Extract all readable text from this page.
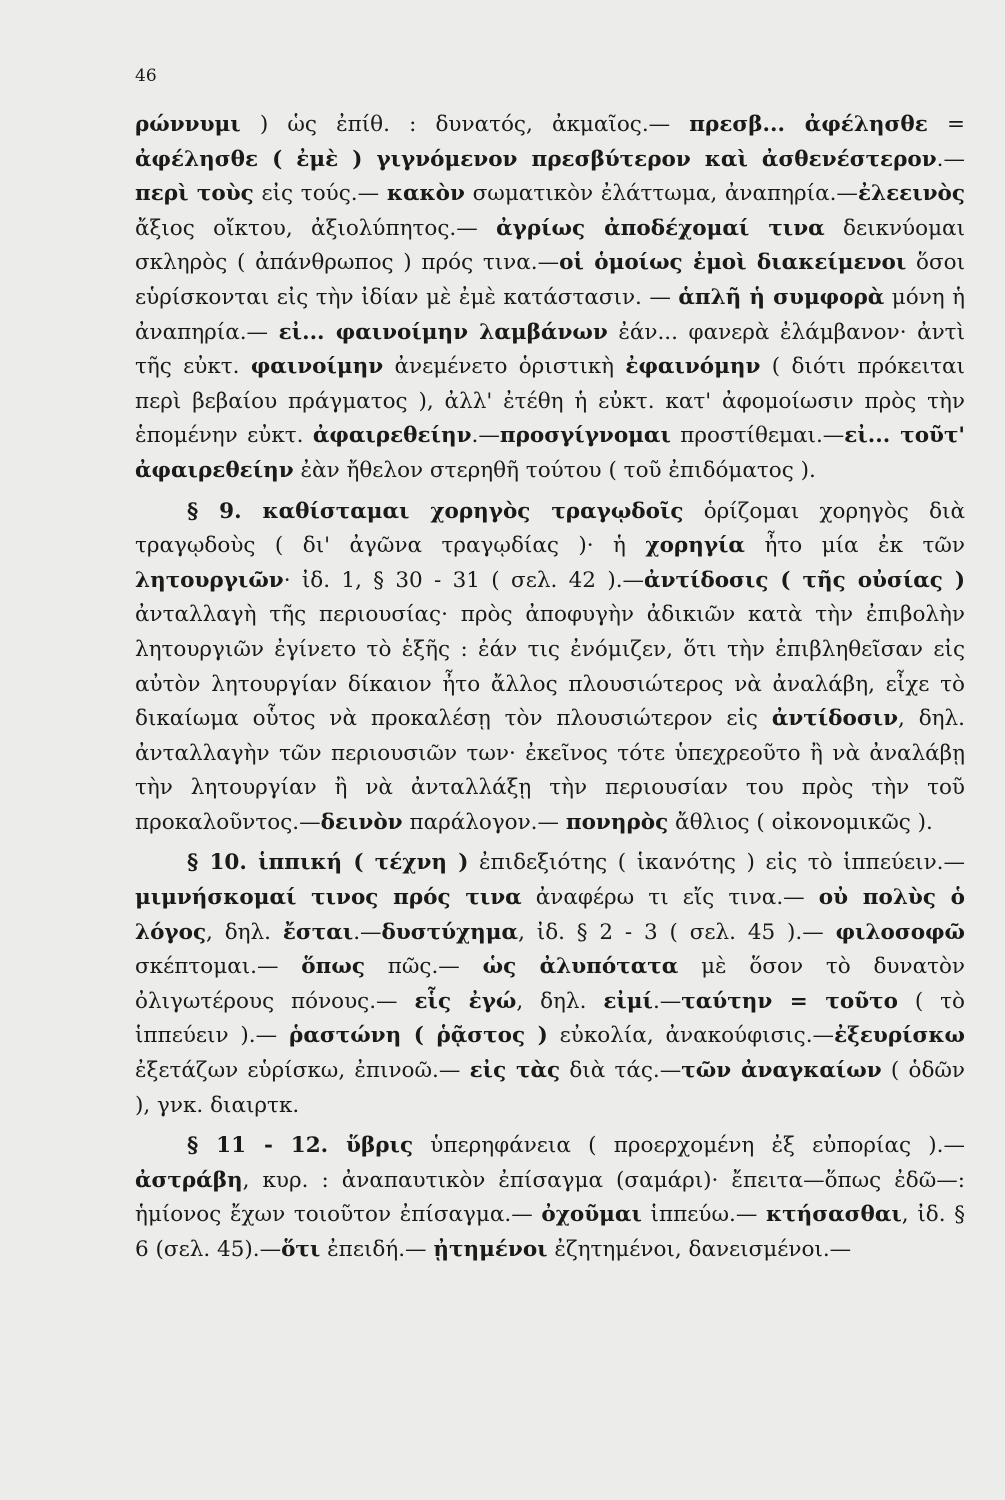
46

ρώννυμι ) ὡς ἐπίθ. : δυνατός, ἀκμαῖος.— πρεσβ... ἀφέλησθε = ἀφέλησθε ( ἐμὲ ) γιγνόμενον πρεσβύτερον καὶ ἀσθενέστερον.— περὶ τοὺς εἰς τούς.— κακὸν σωματικὸν ἐλάττωμα, ἀναπηρία.—ἐλεεινὸς ἄξιος οἴκτου, ἀξιολύπητος.— ἀγρίως ἀποδέχομαί τινα δεικνύομαι σκληρὸς ( ἀπάνθρωπος ) πρός τινα.—οἱ ὁμοίως ἐμοὶ διακείμενοι ὅσοι εὑρίσκονται εἰς τὴν ἰδίαν μὲ ἐμὲ κατάστασιν. — ἁπλῆ ἡ συμφορὰ μόνη ἡ ἀναπηρία.— εἰ... φαινοίμην λαμβάνων ἐάν... φανερὰ ἐλάμβανον· ἀντὶ τῆς εὐκτ. φαινοίμην ἀνεμένετο ὁριστικὴ ἐφαινόμην ( διότι πρόκειται περὶ βεβαίου πράγματος ), ἀλλ' ἐτέθη ἡ εὐκτ. κατ' ἀφομοίωσιν πρὸς τὴν ἑπομένην εὐκτ. ἀφαιρεθείην.—προσγίγνομαι προστίθεμαι.—εἰ... τοῦτ' ἀφαιρεθείην ἐὰν ἤθελον στερηθῆ τούτου ( τοῦ ἐπιδόματος ).

§ 9. καθίσταμαι χορηγὸς τραγῳδοῖς ὁρίζομαι χορηγὸς διὰ τραγῳδοὺς ( δι' ἀγῶνα τραγῳδίας )· ἡ χορηγία ἦτο μία ἐκ τῶν λητουργιῶν· ἰδ. 1, § 30 - 31 ( σελ. 42 ).—ἀντίδοσις ( τῆς οὐσίας ) ἀνταλλαγὴ τῆς περιουσίας· πρὸς ἀποφυγὴν ἀδικιῶν κατὰ τὴν ἐπιβολὴν λητουργιῶν ἐγίνετο τὸ ἑξῆς : ἐάν τις ἐνόμιζεν, ὅτι τὴν ἐπιβληθεῖσαν εἰς αὐτὸν λητουργίαν δίκαιον ἦτο ἄλλος πλουσιώτερος νὰ ἀναλάβη, εἶχε τὸ δικαίωμα οὗτος νὰ προκαλέσῃ τὸν πλουσιώτερον εἰς ἀντίδοσιν, δηλ. ἀνταλλαγὴν τῶν περιουσιῶν των· ἐκεῖνος τότε ὑπεχρεοῦτο ἢ νὰ ἀναλάβῃ τὴν λητουργίαν ἢ νὰ ἀνταλλάξῃ τὴν περιουσίαν του πρὸς τὴν τοῦ προκαλοῦντος.—δεινὸν παράλογον.— πονηρὸς ἄθλιος ( οἰκονομικῶς ).

§ 10. ἱππική ( τέχνη ) ἐπιδεξιότης ( ἱκανότης ) εἰς τὸ ἱππεύειν.— μιμνήσκομαί τινος πρός τινα ἀναφέρω τι εἴς τινα.— οὐ πολὺς ὁ λόγος, δηλ. ἔσται.—δυστύχημα, ἰδ. § 2 - 3 ( σελ. 45 ).— φιλοσοφῶ σκέπτομαι.— ὅπως πῶς.— ὡς ἀλυπότατα μὲ ὅσον τὸ δυνατὸν ὀλιγωτέρους πόνους.— εἷς ἐγώ, δηλ. εἰμί.—ταύτην = τοῦτο ( τὸ ἱππεύειν ).— ῥαστώνη ( ῥᾷστος ) εὐκολία, ἀνακούφισις.—ἐξευρίσκω ἐξετάζων εὑρίσκω, ἐπινοῶ.— εἰς τὰς διὰ τάς.—τῶν ἀναγκαίων ( ὁδῶν ), γνκ. διαιρτκ.

§ 11 - 12. ὕβρις ὑπερηφάνεια ( προερχομένη ἐξ εὐπορίας ).— ἀστράβη, κυρ. : ἀναπαυτικὸν ἐπίσαγμα (σαμάρι)· ἔπειτα—ὅπως ἐδῶ—: ἡμίονος ἔχων τοιοῦτον ἐπίσαγμα.— ὀχοῦμαι ἱππεύω.— κτήσασθαι, ἰδ. § 6 (σελ. 45).—ὅτι ἐπειδή.— ᾐτημένοι ἐζητημένοι, δανεισμένοι.—
